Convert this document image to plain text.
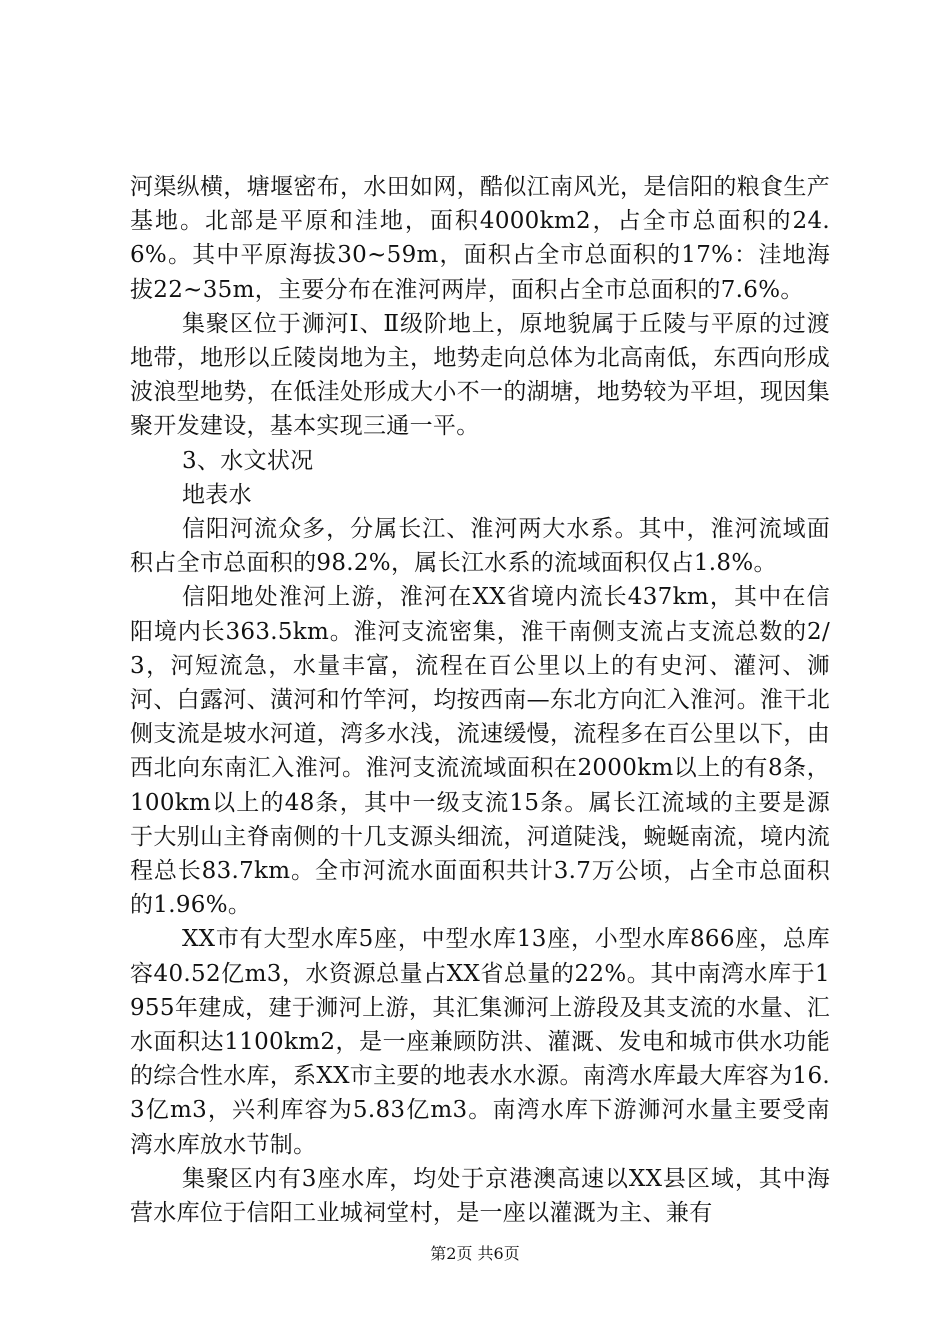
河渠纵横，塘堰密布，水田如网，酷似江南风光，是信阳的粮食生产基地。北部是平原和洼地，面积4000km2，占全市总面积的24.6%。其中平原海拔30~59m，面积占全市总面积的17%：洼地海拔22~35m，主要分布在淮河两岸，面积占全市总面积的7.6%。

集聚区位于浉河Ⅰ、Ⅱ级阶地上，原地貌属于丘陵与平原的过渡地带，地形以丘陵岗地为主，地势走向总体为北高南低，东西向形成波浪型地势，在低洼处形成大小不一的湖塘，地势较为平坦，现因集聚开发建设，基本实现三通一平。

3、水文状况

地表水

信阳河流众多，分属长江、淮河两大水系。其中，淮河流域面积占全市总面积的98.2%，属长江水系的流域面积仅占1.8%。

信阳地处淮河上游，淮河在XX省境内流长437km，其中在信阳境内长363.5km。淮河支流密集，淮干南侧支流占支流总数的2/3，河短流急，水量丰富，流程在百公里以上的有史河、灌河、浉河、白露河、潢河和竹竿河，均按西南—东北方向汇入淮河。淮干北侧支流是坡水河道，湾多水浅，流速缓慢，流程多在百公里以下，由西北向东南汇入淮河。淮河支流流域面积在2000km以上的有8条，100km以上的48条，其中一级支流15条。属长江流域的主要是源于大别山主脊南侧的十几支源头细流，河道陡浅，蜿蜒南流，境内流程总长83.7km。全市河流水面面积共计3.7万公顷，占全市总面积的1.96%。

XX市有大型水库5座，中型水库13座，小型水库866座，总库容40.52亿m3，水资源总量占XX省总量的22%。其中南湾水库于1955年建成，建于浉河上游，其汇集浉河上游段及其支流的水量、汇水面积达1100km2，是一座兼顾防洪、灌溉、发电和城市供水功能的综合性水库，系XX市主要的地表水水源。南湾水库最大库容为16.3亿m3，兴利库容为5.83亿m3。南湾水库下游浉河水量主要受南湾水库放水节制。

集聚区内有3座水库，均处于京港澳高速以XX县区域，其中海营水库位于信阳工业城祠堂村，是一座以灌溉为主、兼有

第2页 共6页
